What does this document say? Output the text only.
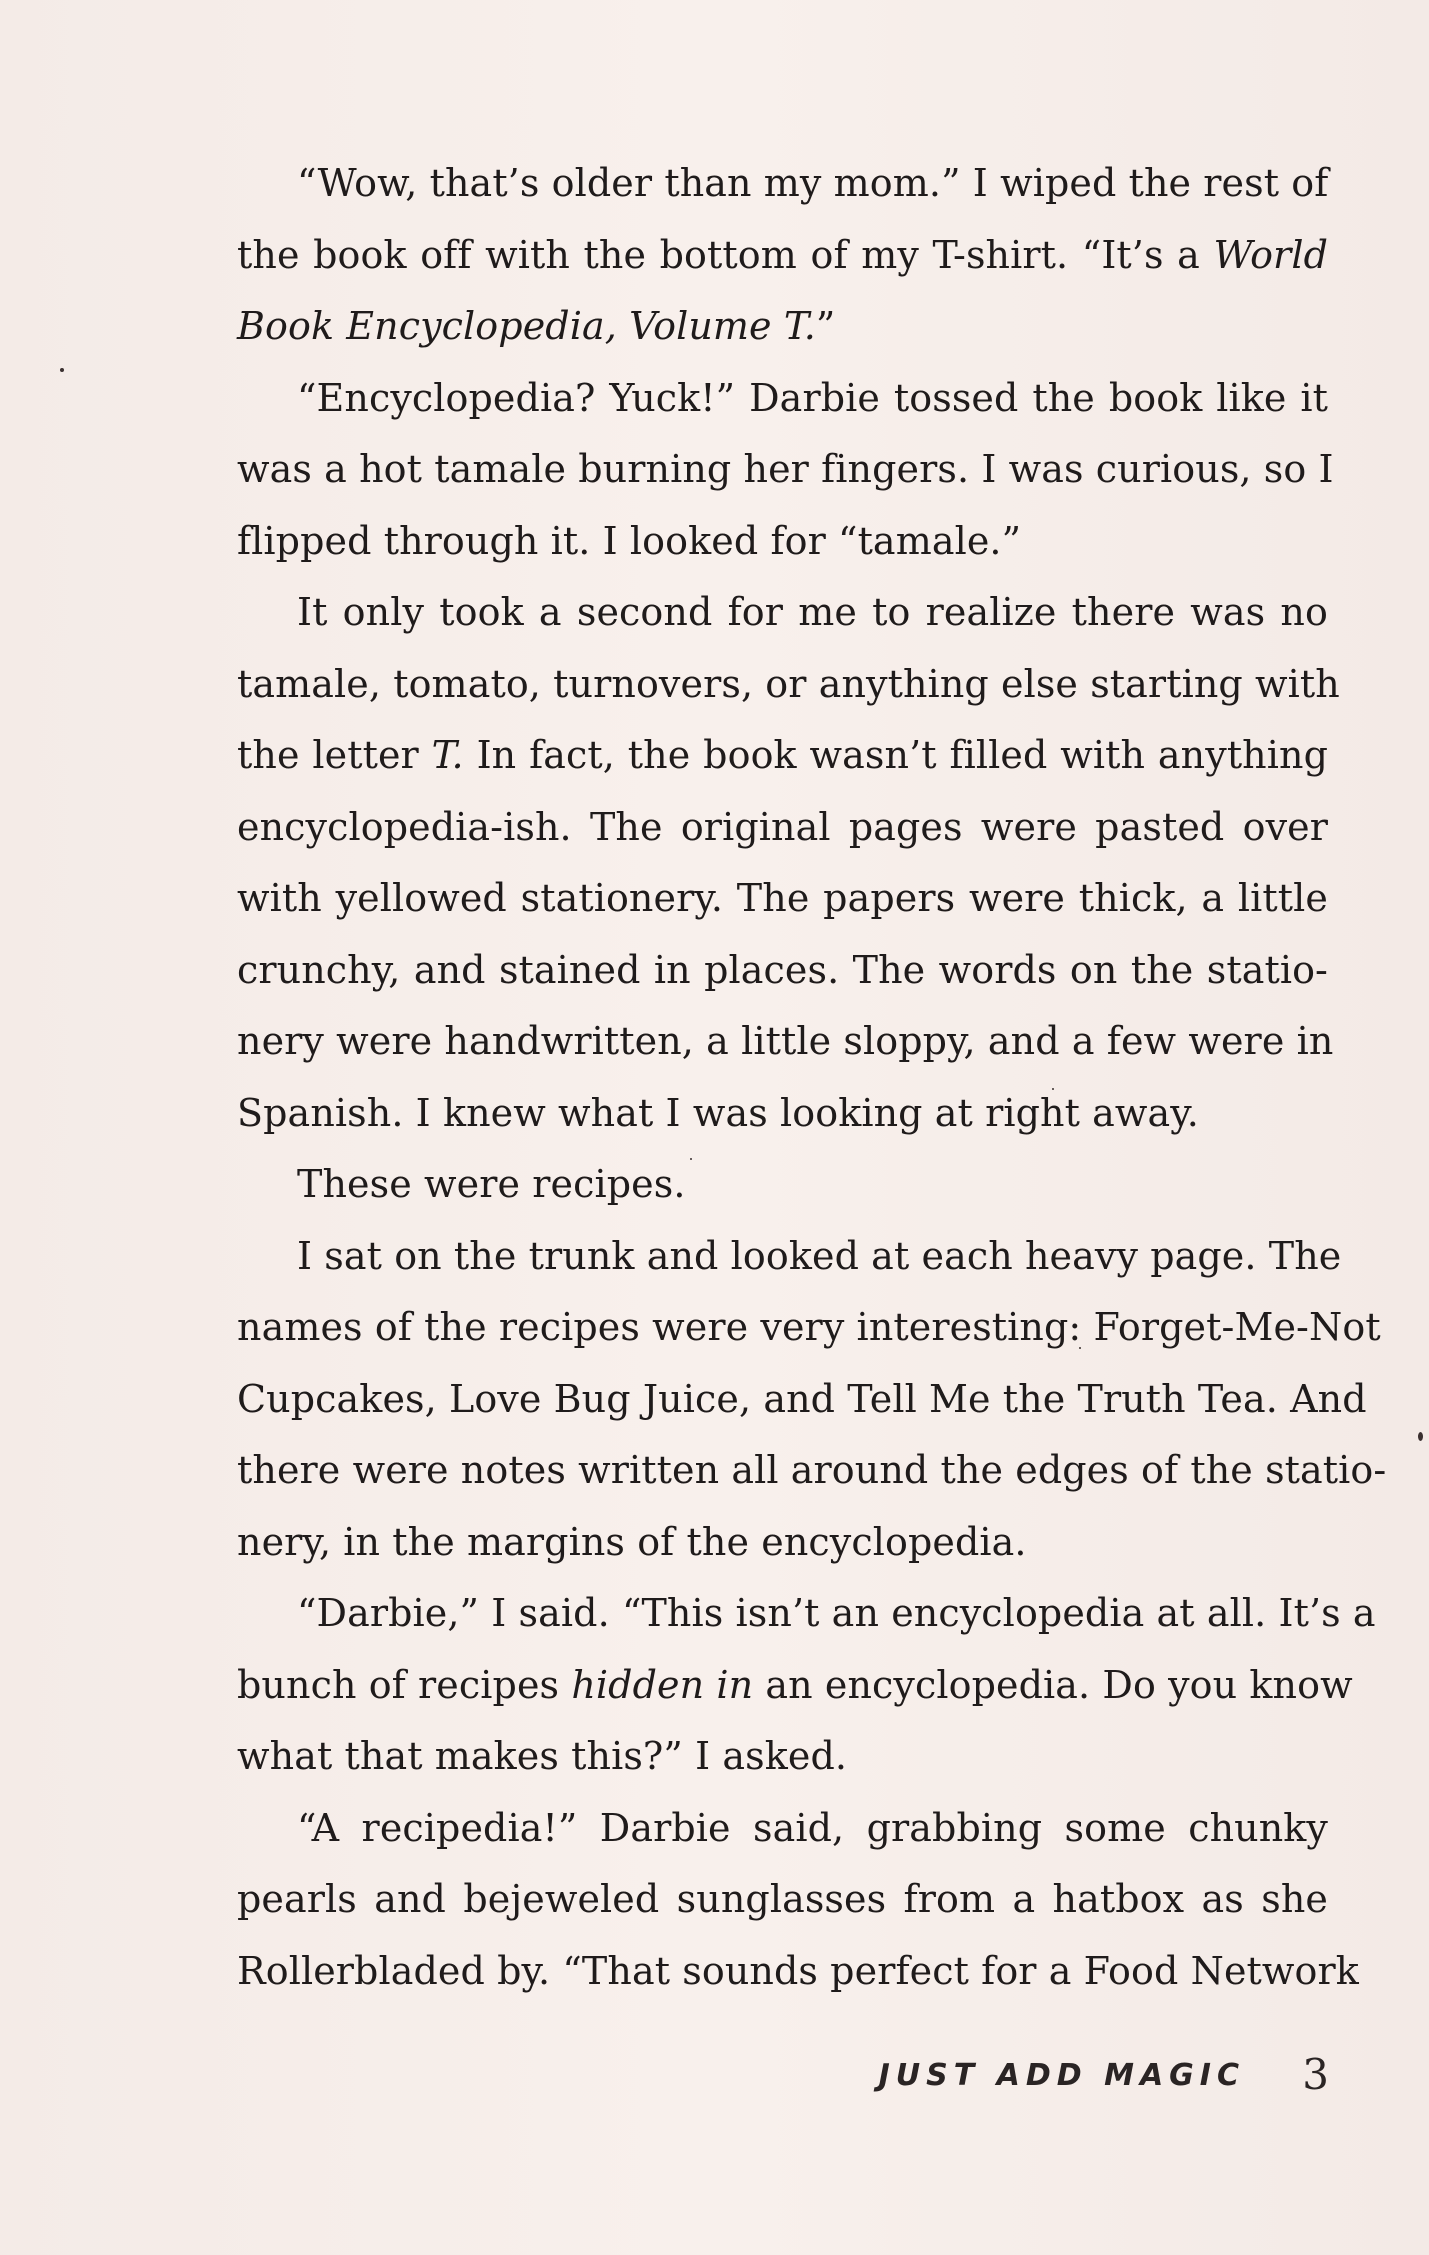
“Wow, that’s older than my mom.” I wiped the rest of
the book off with the bottom of my T-shirt. “It’s a World
Book Encyclopedia, Volume T.”
“Encyclopedia? Yuck!” Darbie tossed the book like it
was a hot tamale burning her fingers. I was curious, so I
flipped through it. I looked for “tamale.”
It only took a second for me to realize there was no
tamale, tomato, turnovers, or anything else starting with
the letter T. In fact, the book wasn’t filled with anything
encyclopedia-ish. The original pages were pasted over
with yellowed stationery. The papers were thick, a little
crunchy, and stained in places. The words on the statio-
nery were handwritten, a little sloppy, and a few were in
Spanish. I knew what I was looking at right away.
These were recipes.
I sat on the trunk and looked at each heavy page. The
names of the recipes were very interesting: Forget-Me-Not
Cupcakes, Love Bug Juice, and Tell Me the Truth Tea. And
there were notes written all around the edges of the statio-
nery, in the margins of the encyclopedia.
“Darbie,” I said. “This isn’t an encyclopedia at all. It’s a
bunch of recipes hidden in an encyclopedia. Do you know
what that makes this?” I asked.
“A recipedia!” Darbie said, grabbing some chunky
pearls and bejeweled sunglasses from a hatbox as she
Rollerbladed by. “That sounds perfect for a Food Network
JUST ADD MAGIC 3
